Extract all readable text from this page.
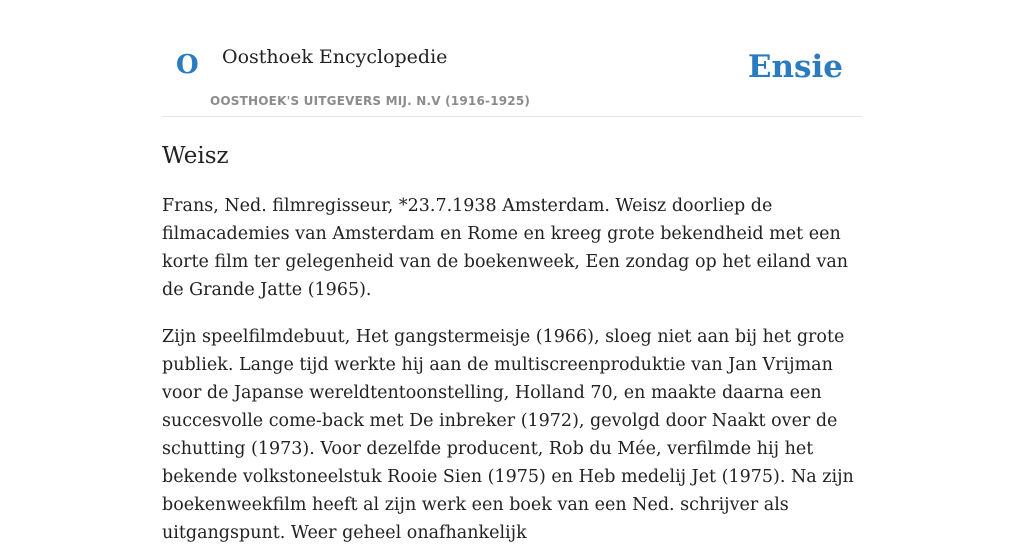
O Oosthoek Encyclopedie
OOSTHOEK'S UITGEVERS MIJ. N.V (1916-1925)
Ensie
Weisz

Frans, Ned. filmregisseur, *23.7.1938 Amsterdam. Weisz doorliep de filmacademies van Amsterdam en Rome en kreeg grote bekendheid met een korte film ter gelegenheid van de boekenweek, Een zondag op het eiland van de Grande Jatte (1965).

Zijn speelfilmdebuut, Het gangstermeisje (1966), sloeg niet aan bij het grote publiek. Lange tijd werkte hij aan de multiscreenproduktie van Jan Vrijman voor de Japanse wereldtentoonstelling, Holland 70, en maakte daarna een succesvolle come-back met De inbreker (1972), gevolgd door Naakt over de schutting (1973). Voor dezelfde producent, Rob du Mée, verfilmde hij het bekende volkstoneelstuk Rooie Sien (1975) en Heb medelij Jet (1975). Na zijn boekenweekfilm heeft al zijn werk een boek van een Ned. schrijver als uitgangspunt. Weer geheel onafhankelijk
